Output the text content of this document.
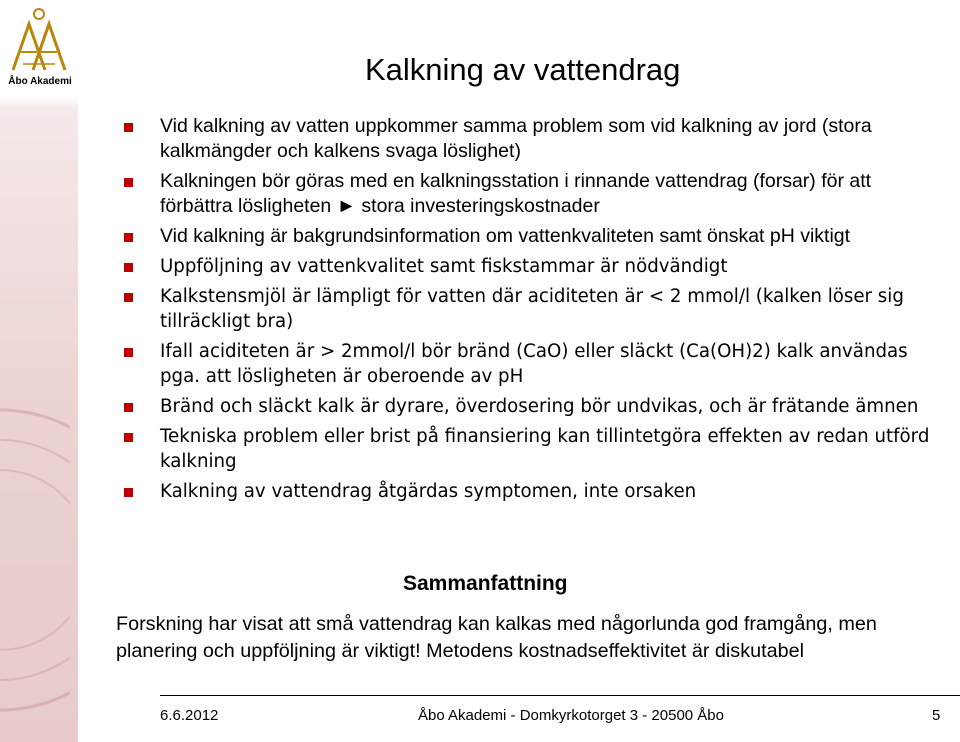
Åbo Akademi	Kalkning av vattendrag
Vid kalkning av vatten uppkommer samma problem som vid kalkning av jord (stora kalkmängder och kalkens svaga löslighet)
Kalkningen bör göras med en kalkningsstation i rinnande vattendrag (forsar) för att förbättra lösligheten ► stora investeringskostnader
Vid kalkning är bakgrundsinformation om vattenkvaliteten samt önskat pH viktigt
Uppföljning av vattenkvalitet samt fiskstammar är nödvändigt
Kalkstensmjöl är lämpligt för vatten där aciditeten är < 2 mmol/l (kalken löser sig tillräckligt bra)
Ifall aciditeten är > 2mmol/l bör bränd (CaO) eller släckt (Ca(OH)2) kalk användas pga. att lösligheten är oberoende av pH
Bränd och släckt kalk är dyrare, överdosering bör undvikas, och är frätande ämnen
Tekniska problem eller brist på finansiering kan tillintetgöra effekten av redan utförd kalkning
Kalkning av vattendrag åtgärdas symptomen, inte orsaken
Sammanfattning
Forskning har visat att små vattendrag kan kalkas med någorlunda god framgång, men
planering och uppföljning är viktigt! Metodens kostnadseffektivitet är diskutabel
6.6.2012	Åbo Akademi - Domkyrkotorget 3 - 20500 Åbo	5
